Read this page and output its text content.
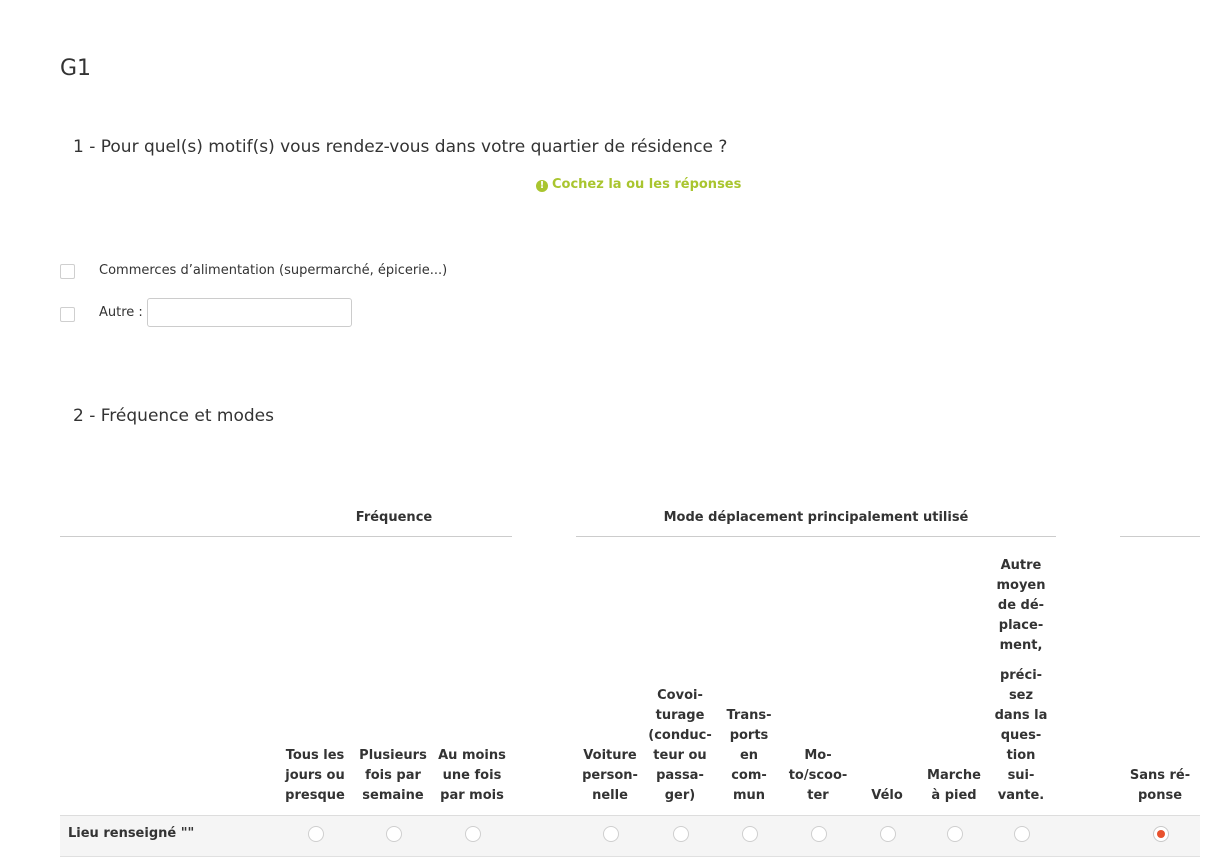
G1
1 - Pour quel(s) motif(s) vous rendez-vous dans votre quartier de résidence ?
! Cochez la ou les réponses
Commerces d’alimentation (supermarché, épicerie...)
Autre :
2 - Fréquence et modes
Fréquence	Mode déplacement principalement utilisé
Tous les
jours ou
presque
Plusieurs
fois par
semaine
Au moins
une fois
par mois
Voiture
person-
nelle
Covoi-
turage
(conduc-
teur ou
passa-
ger)
Trans-
ports
en
com-
mun
Mo-
to/scoo-
ter	Vélo
Marche
à pied
Autre
moyen
de dé-
place-
ment,
préci-
sez
dans la
ques-
tion
sui-
vante.
Sans ré-
ponse
Lieu renseigné ""
